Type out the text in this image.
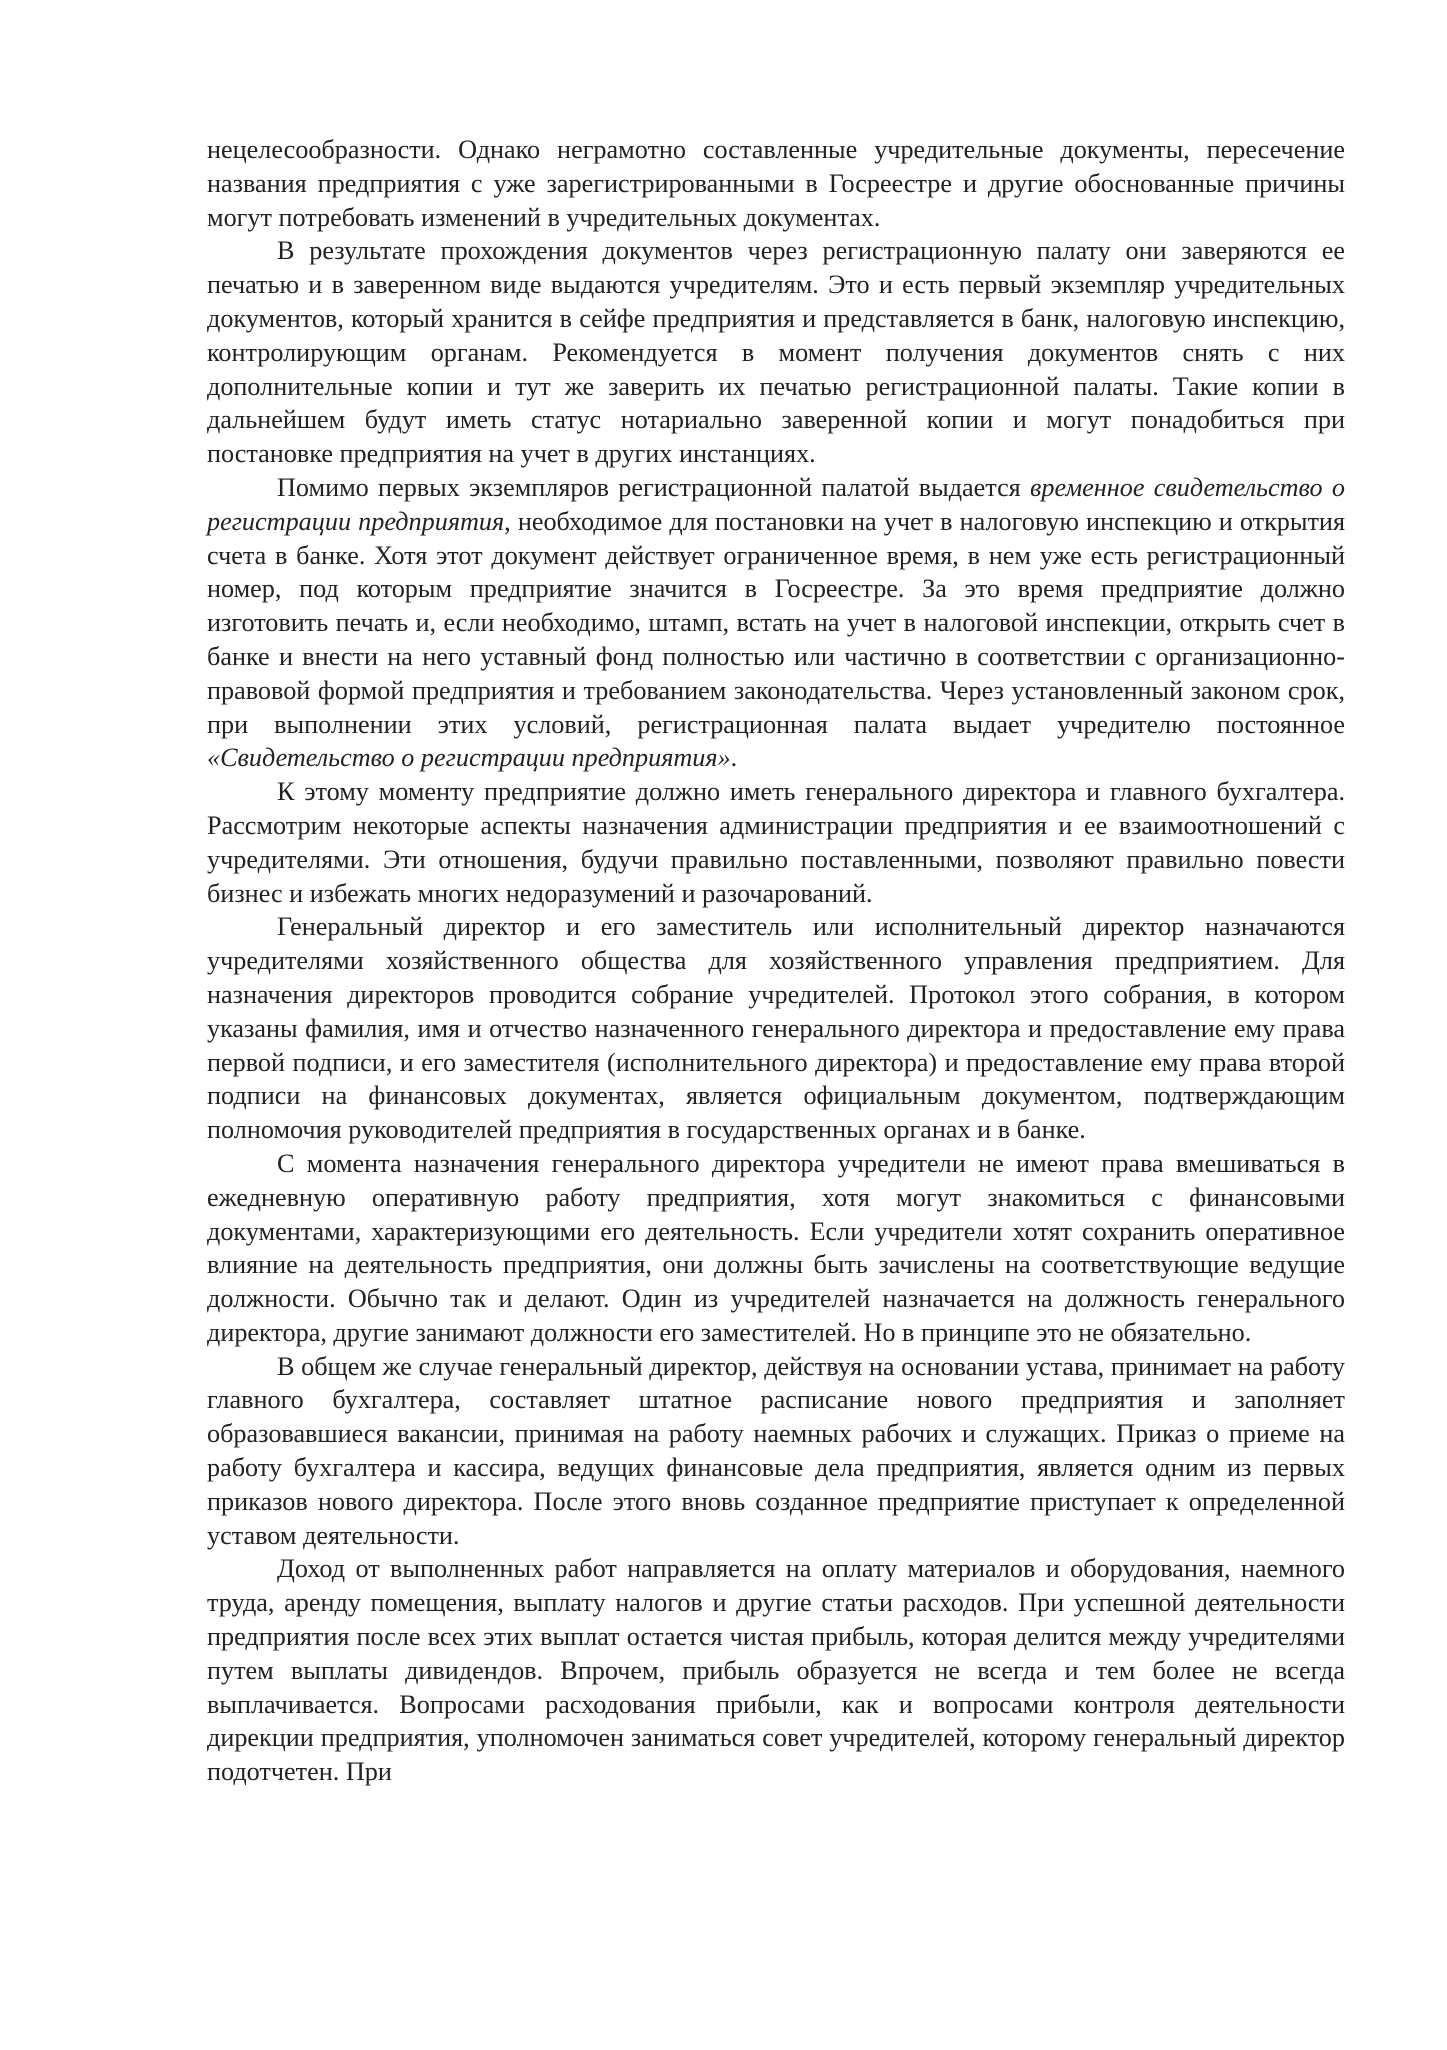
нецелесообразности. Однако неграмотно составленные учредительные документы, пересечение названия предприятия с уже зарегистрированными в Госреестре и другие обоснованные причины могут потребовать изменений в учредительных документах.

В результате прохождения документов через регистрационную палату они заверяются ее печатью и в заверенном виде выдаются учредителям. Это и есть первый экземпляр учредительных документов, который хранится в сейфе предприятия и представляется в банк, налоговую инспекцию, контролирующим органам. Рекомендуется в момент получения документов снять с них дополнительные копии и тут же заверить их печатью регистрационной палаты. Такие копии в дальнейшем будут иметь статус нотариально заверенной копии и могут понадобиться при постановке предприятия на учет в других инстанциях.

Помимо первых экземпляров регистрационной палатой выдается временное свидетельство о регистрации предприятия, необходимое для постановки на учет в налоговую инспекцию и открытия счета в банке. Хотя этот документ действует ограниченное время, в нем уже есть регистрационный номер, под которым предприятие значится в Госреестре. За это время предприятие должно изготовить печать и, если необходимо, штамп, встать на учет в налоговой инспекции, открыть счет в банке и внести на него уставный фонд полностью или частично в соответствии с организационно-правовой формой предприятия и требованием законодательства. Через установленный законом срок, при выполнении этих условий, регистрационная палата выдает учредителю постоянное «Свидетельство о регистрации предприятия».

К этому моменту предприятие должно иметь генерального директора и главного бухгалтера. Рассмотрим некоторые аспекты назначения администрации предприятия и ее взаимоотношений с учредителями. Эти отношения, будучи правильно поставленными, позволяют правильно повести бизнес и избежать многих недоразумений и разочарований.

Генеральный директор и его заместитель или исполнительный директор назначаются учредителями хозяйственного общества для хозяйственного управления предприятием. Для назначения директоров проводится собрание учредителей. Протокол этого собрания, в котором указаны фамилия, имя и отчество назначенного генерального директора и предоставление ему права первой подписи, и его заместителя (исполнительного директора) и предоставление ему права второй подписи на финансовых документах, является официальным документом, подтверждающим полномочия руководителей предприятия в государственных органах и в банке.

С момента назначения генерального директора учредители не имеют права вмешиваться в ежедневную оперативную работу предприятия, хотя могут знакомиться с финансовыми документами, характеризующими его деятельность. Если учредители хотят сохранить оперативное влияние на деятельность предприятия, они должны быть зачислены на соответствующие ведущие должности. Обычно так и делают. Один из учредителей назначается на должность генерального директора, другие занимают должности его заместителей. Но в принципе это не обязательно.

В общем же случае генеральный директор, действуя на основании устава, принимает на работу главного бухгалтера, составляет штатное расписание нового предприятия и заполняет образовавшиеся вакансии, принимая на работу наемных рабочих и служащих. Приказ о приеме на работу бухгалтера и кассира, ведущих финансовые дела предприятия, является одним из первых приказов нового директора. После этого вновь созданное предприятие приступает к определенной уставом деятельности.

Доход от выполненных работ направляется на оплату материалов и оборудования, наемного труда, аренду помещения, выплату налогов и другие статьи расходов. При успешной деятельности предприятия после всех этих выплат остается чистая прибыль, которая делится между учредителями путем выплаты дивидендов. Впрочем, прибыль образуется не всегда и тем более не всегда выплачивается. Вопросами расходования прибыли, как и вопросами контроля деятельности дирекции предприятия, уполномочен заниматься совет учредителей, которому генеральный директор подотчетен. При
